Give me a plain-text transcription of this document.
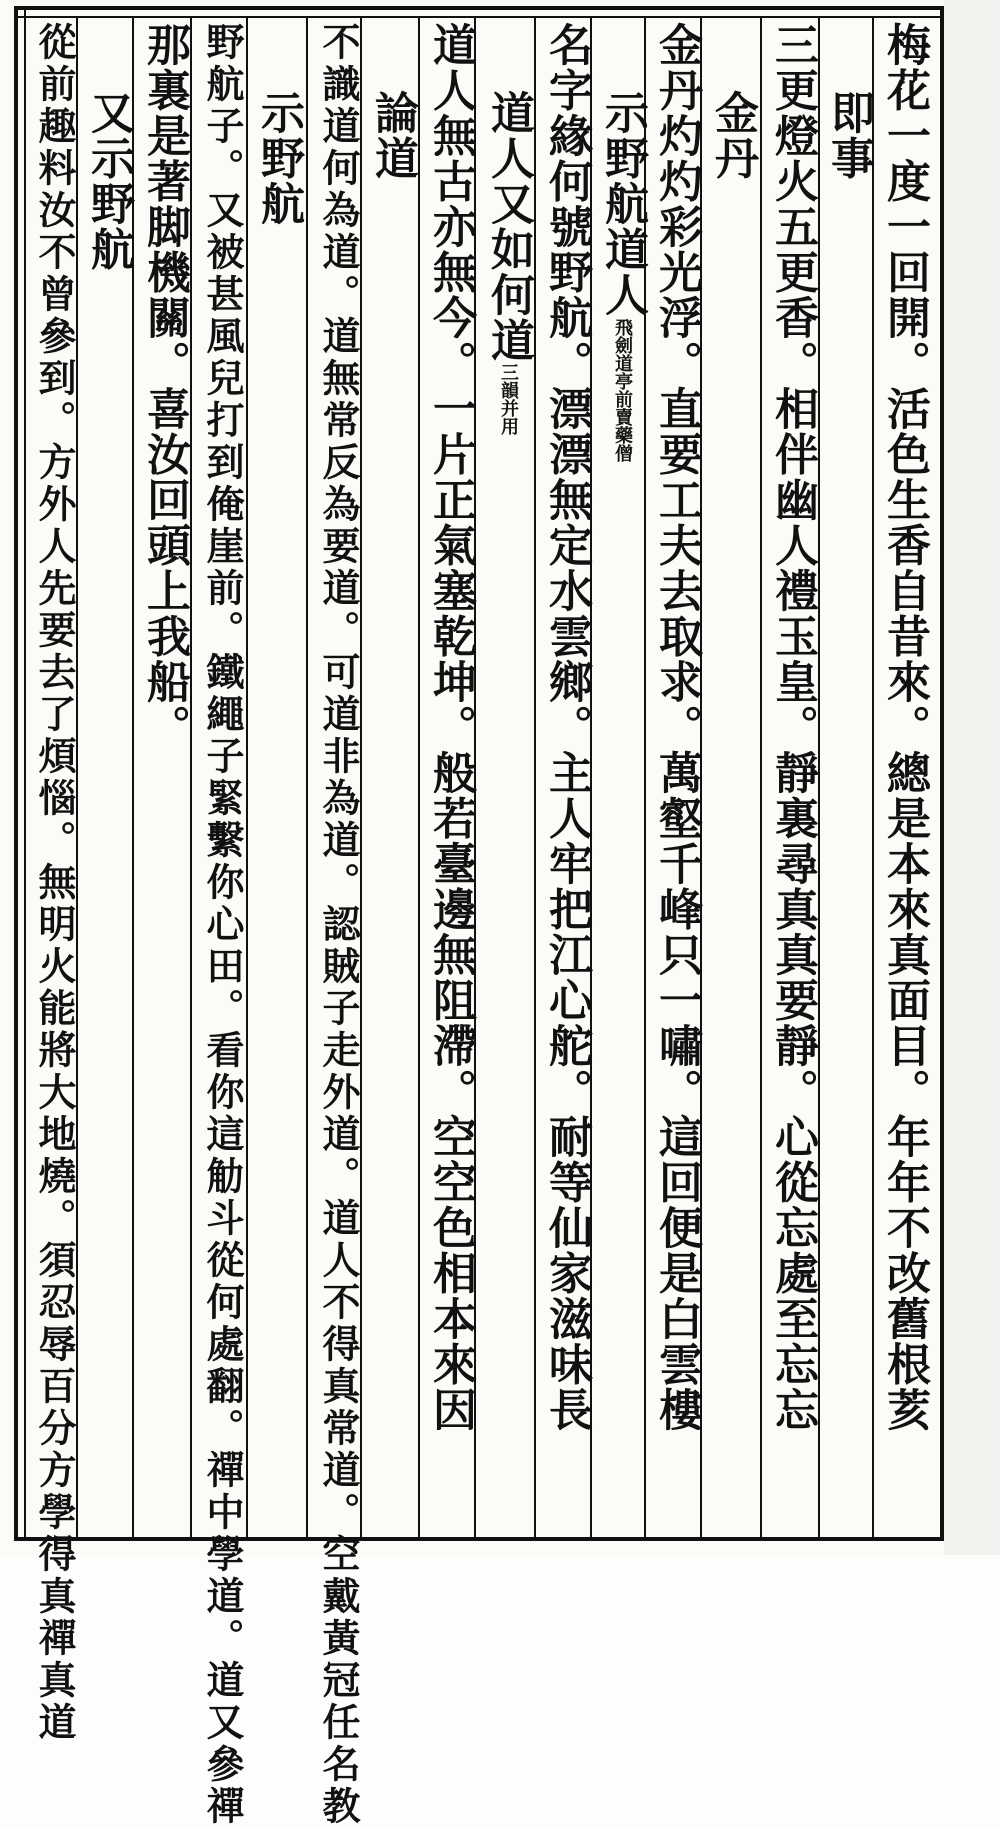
梅花一度一回開。活色生香自昔來。總是本來真面目。年年不改舊根荄
即事
三更燈火五更香。相伴幽人禮玉皇。靜裏尋真真要靜。心從忘處至忘忘
金丹
金丹灼灼彩光浮。直要工夫去取求。萬壑千峰只一嘯。這回便是白雲樓
示野航道人飛劍道亭前賣藥僧
名字緣何號野航。漂漂無定水雲鄉。主人牢把江心舵。耐等仙家滋味長
道人又如何道三韻并用
道人無古亦無今。一片正氣塞乾坤。般若臺邊無阻滯。空空色相本來因
論道
不識道何為道。道無常反為要道。可道非為道。認賊子走外道。道人不得真常道。空戴黃冠任名教
示野航
野航子。又被甚風兒打到俺崖前。鐵繩子緊繫你心田。看你這觔斗從何處翻。禪中學道。道又參禪
那裏是著脚機關。喜汝回頭上我船。
又示野航
從前趣料汝不曾參到。方外人先要去了煩惱。無明火能將大地燒。須忍辱百分方學得真禪真道
